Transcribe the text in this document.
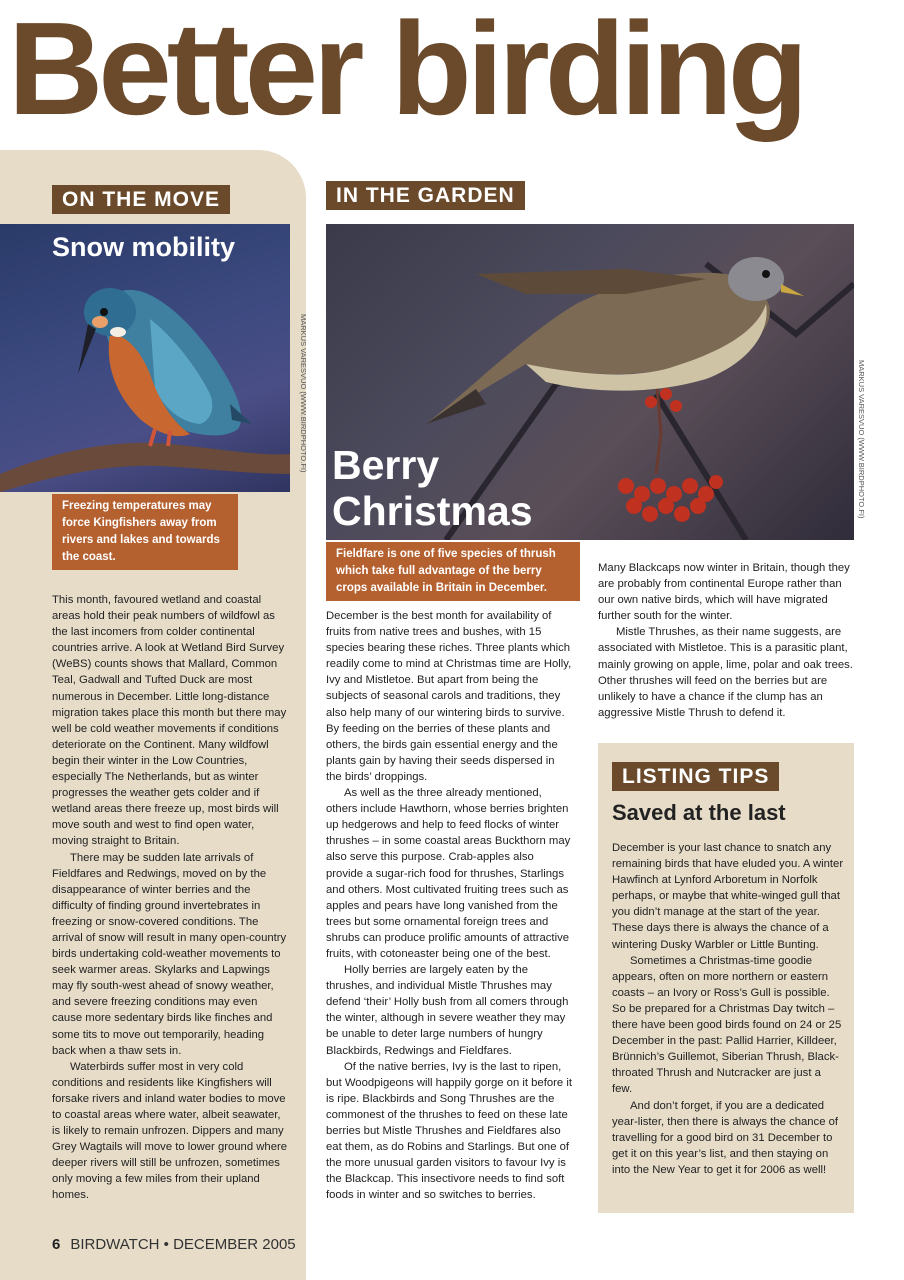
Better birding
ON THE MOVE
Snow mobility
MARKUS VARESVUO (WWW.BIRDPHOTO.FI)
Freezing temperatures may force Kingfishers away from rivers and lakes and towards the coast.

This month, favoured wetland and coastal areas hold their peak numbers of wildfowl as the last incomers from colder continental countries arrive. A look at Wetland Bird Survey (WeBS) counts shows that Mallard, Common Teal, Gadwall and Tufted Duck are most numerous in December. Little long-distance migration takes place this month but there may well be cold weather movements if conditions deteriorate on the Continent. Many wildfowl begin their winter in the Low Countries, especially The Netherlands, but as winter progresses the weather gets colder and if wetland areas there freeze up, most birds will move south and west to find open water, moving straight to Britain.

There may be sudden late arrivals of Fieldfares and Redwings, moved on by the disappearance of winter berries and the difficulty of finding ground invertebrates in freezing or snow-covered conditions. The arrival of snow will result in many open-country birds undertaking cold-weather movements to seek warmer areas. Skylarks and Lapwings may fly south-west ahead of snowy weather, and severe freezing conditions may even cause more sedentary birds like finches and some tits to move out temporarily, heading back when a thaw sets in.

Waterbirds suffer most in very cold conditions and residents like Kingfishers will forsake rivers and inland water bodies to move to coastal areas where water, albeit seawater, is likely to remain unfrozen. Dippers and many Grey Wagtails will move to lower ground where deeper rivers will still be unfrozen, sometimes only moving a few miles from their upland homes.

IN THE GARDEN
Berry
Christmas	MARKUS VARESVUO (WWW.BIRDPHOTO.FI)
Fieldfare is one of five species of thrush which take full advantage of the berry crops available in Britain in December.

December is the best month for availability of fruits from native trees and bushes, with 15 species bearing these riches. Three plants which readily come to mind at Christmas time are Holly, Ivy and Mistletoe. But apart from being the subjects of seasonal carols and traditions, they also help many of our wintering birds to survive. By feeding on the berries of these plants and others, the birds gain essential energy and the plants gain by having their seeds dispersed in the birds’ droppings.

As well as the three already mentioned, others include Hawthorn, whose berries brighten up hedgerows and help to feed flocks of winter thrushes – in some coastal areas Buckthorn may also serve this purpose. Crab-apples also provide a sugar-rich food for thrushes, Starlings and others. Most cultivated fruiting trees such as apples and pears have long vanished from the trees but some ornamental foreign trees and shrubs can produce prolific amounts of attractive fruits, with cotoneaster being one of the best.

Holly berries are largely eaten by the thrushes, and individual Mistle Thrushes may defend ‘their’ Holly bush from all comers through the winter, although in severe weather they may be unable to deter large numbers of hungry Blackbirds, Redwings and Fieldfares.

Of the native berries, Ivy is the last to ripen, but Woodpigeons will happily gorge on it before it is ripe. Blackbirds and Song Thrushes are the commonest of the thrushes to feed on these late berries but Mistle Thrushes and Fieldfares also eat them, as do Robins and Starlings. But one of the more unusual garden visitors to favour Ivy is the Blackcap. This insectivore needs to find soft foods in winter and so switches to berries.

Many Blackcaps now winter in Britain, though they are probably from continental Europe rather than our own native birds, which will have migrated further south for the winter.

Mistle Thrushes, as their name suggests, are associated with Mistletoe. This is a parasitic plant, mainly growing on apple, lime, polar and oak trees. Other thrushes will feed on the berries but are unlikely to have a chance if the clump has an aggressive Mistle Thrush to defend it.

LISTING TIPS
Saved at the last

December is your last chance to snatch any remaining birds that have eluded you. A winter Hawfinch at Lynford Arboretum in Norfolk perhaps, or maybe that white-winged gull that you didn’t manage at the start of the year. These days there is always the chance of a wintering Dusky Warbler or Little Bunting.

Sometimes a Christmas-time goodie appears, often on more northern or eastern coasts – an Ivory or Ross’s Gull is possible. So be prepared for a Christmas Day twitch – there have been good birds found on 24 or 25 December in the past: Pallid Harrier, Killdeer, Brünnich’s Guillemot, Siberian Thrush, Black-throated Thrush and Nutcracker are just a few.

And don’t forget, if you are a dedicated year-lister, then there is always the chance of travelling for a good bird on 31 December to get it on this year’s list, and then staying on into the New Year to get it for 2006 as well!

6 BIRDWATCH • DECEMBER 2005
